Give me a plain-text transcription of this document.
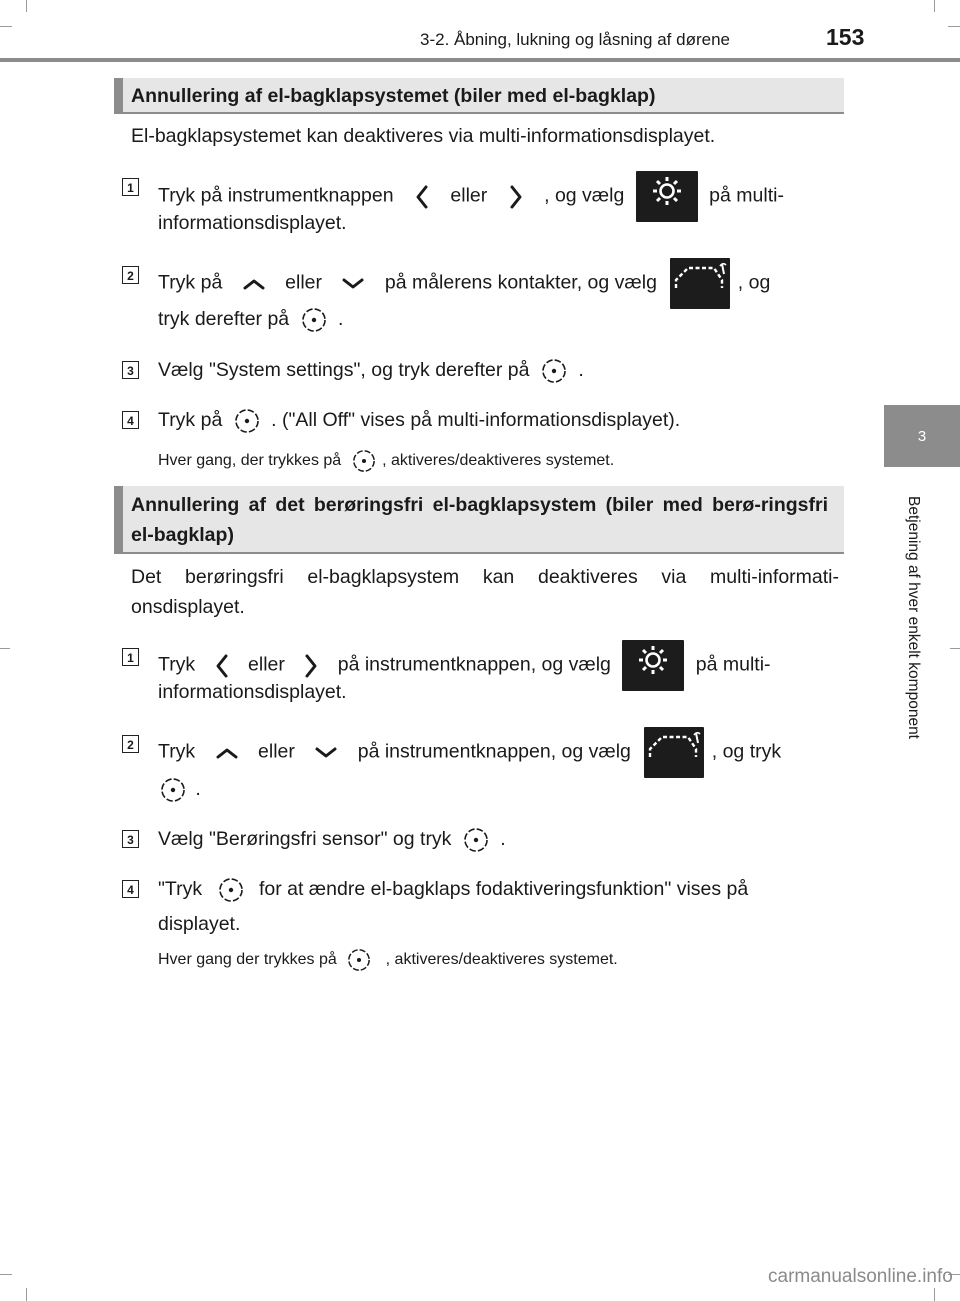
3-2. Åbning, lukning og låsning af dørene	153
3
Betjening af hver enkelt komponent
Annullering af el-bagklapsystemet (biler med el-bagklap)
El-bagklapsystemet kan deaktiveres via multi-informationsdisplayet.
1 Tryk på instrumentknappen	eller	, og vælg	på multi-
informationsdisplayet.
2 Tryk på	eller	på målerens kontakter, og vælg	, og
tryk derefter på	.
3 Vælg "System settings", og tryk derefter på	.
4 Tryk på	. ("All Off" vises på multi-informationsdisplayet).
Hver gang, der trykkes på	, aktiveres/deaktiveres systemet.
Annullering af det berøringsfri el-bagklapsystem (biler med berø-ringsfri el-bagklap)
Det berøringsfri el-bagklapsystem kan deaktiveres via multi-informati-onsdisplayet.
1 Tryk	eller	på instrumentknappen, og vælg	på multi-
informationsdisplayet.
2 Tryk	eller	på instrumentknappen, og vælg	, og tryk
.
3 Vælg "Berøringsfri sensor" og tryk	.
4 "Tryk	for at ændre el-bagklaps fodaktiveringsfunktion" vises på
displayet.
Hver gang der trykkes på	, aktiveres/deaktiveres systemet.
carmanualsonline.info
